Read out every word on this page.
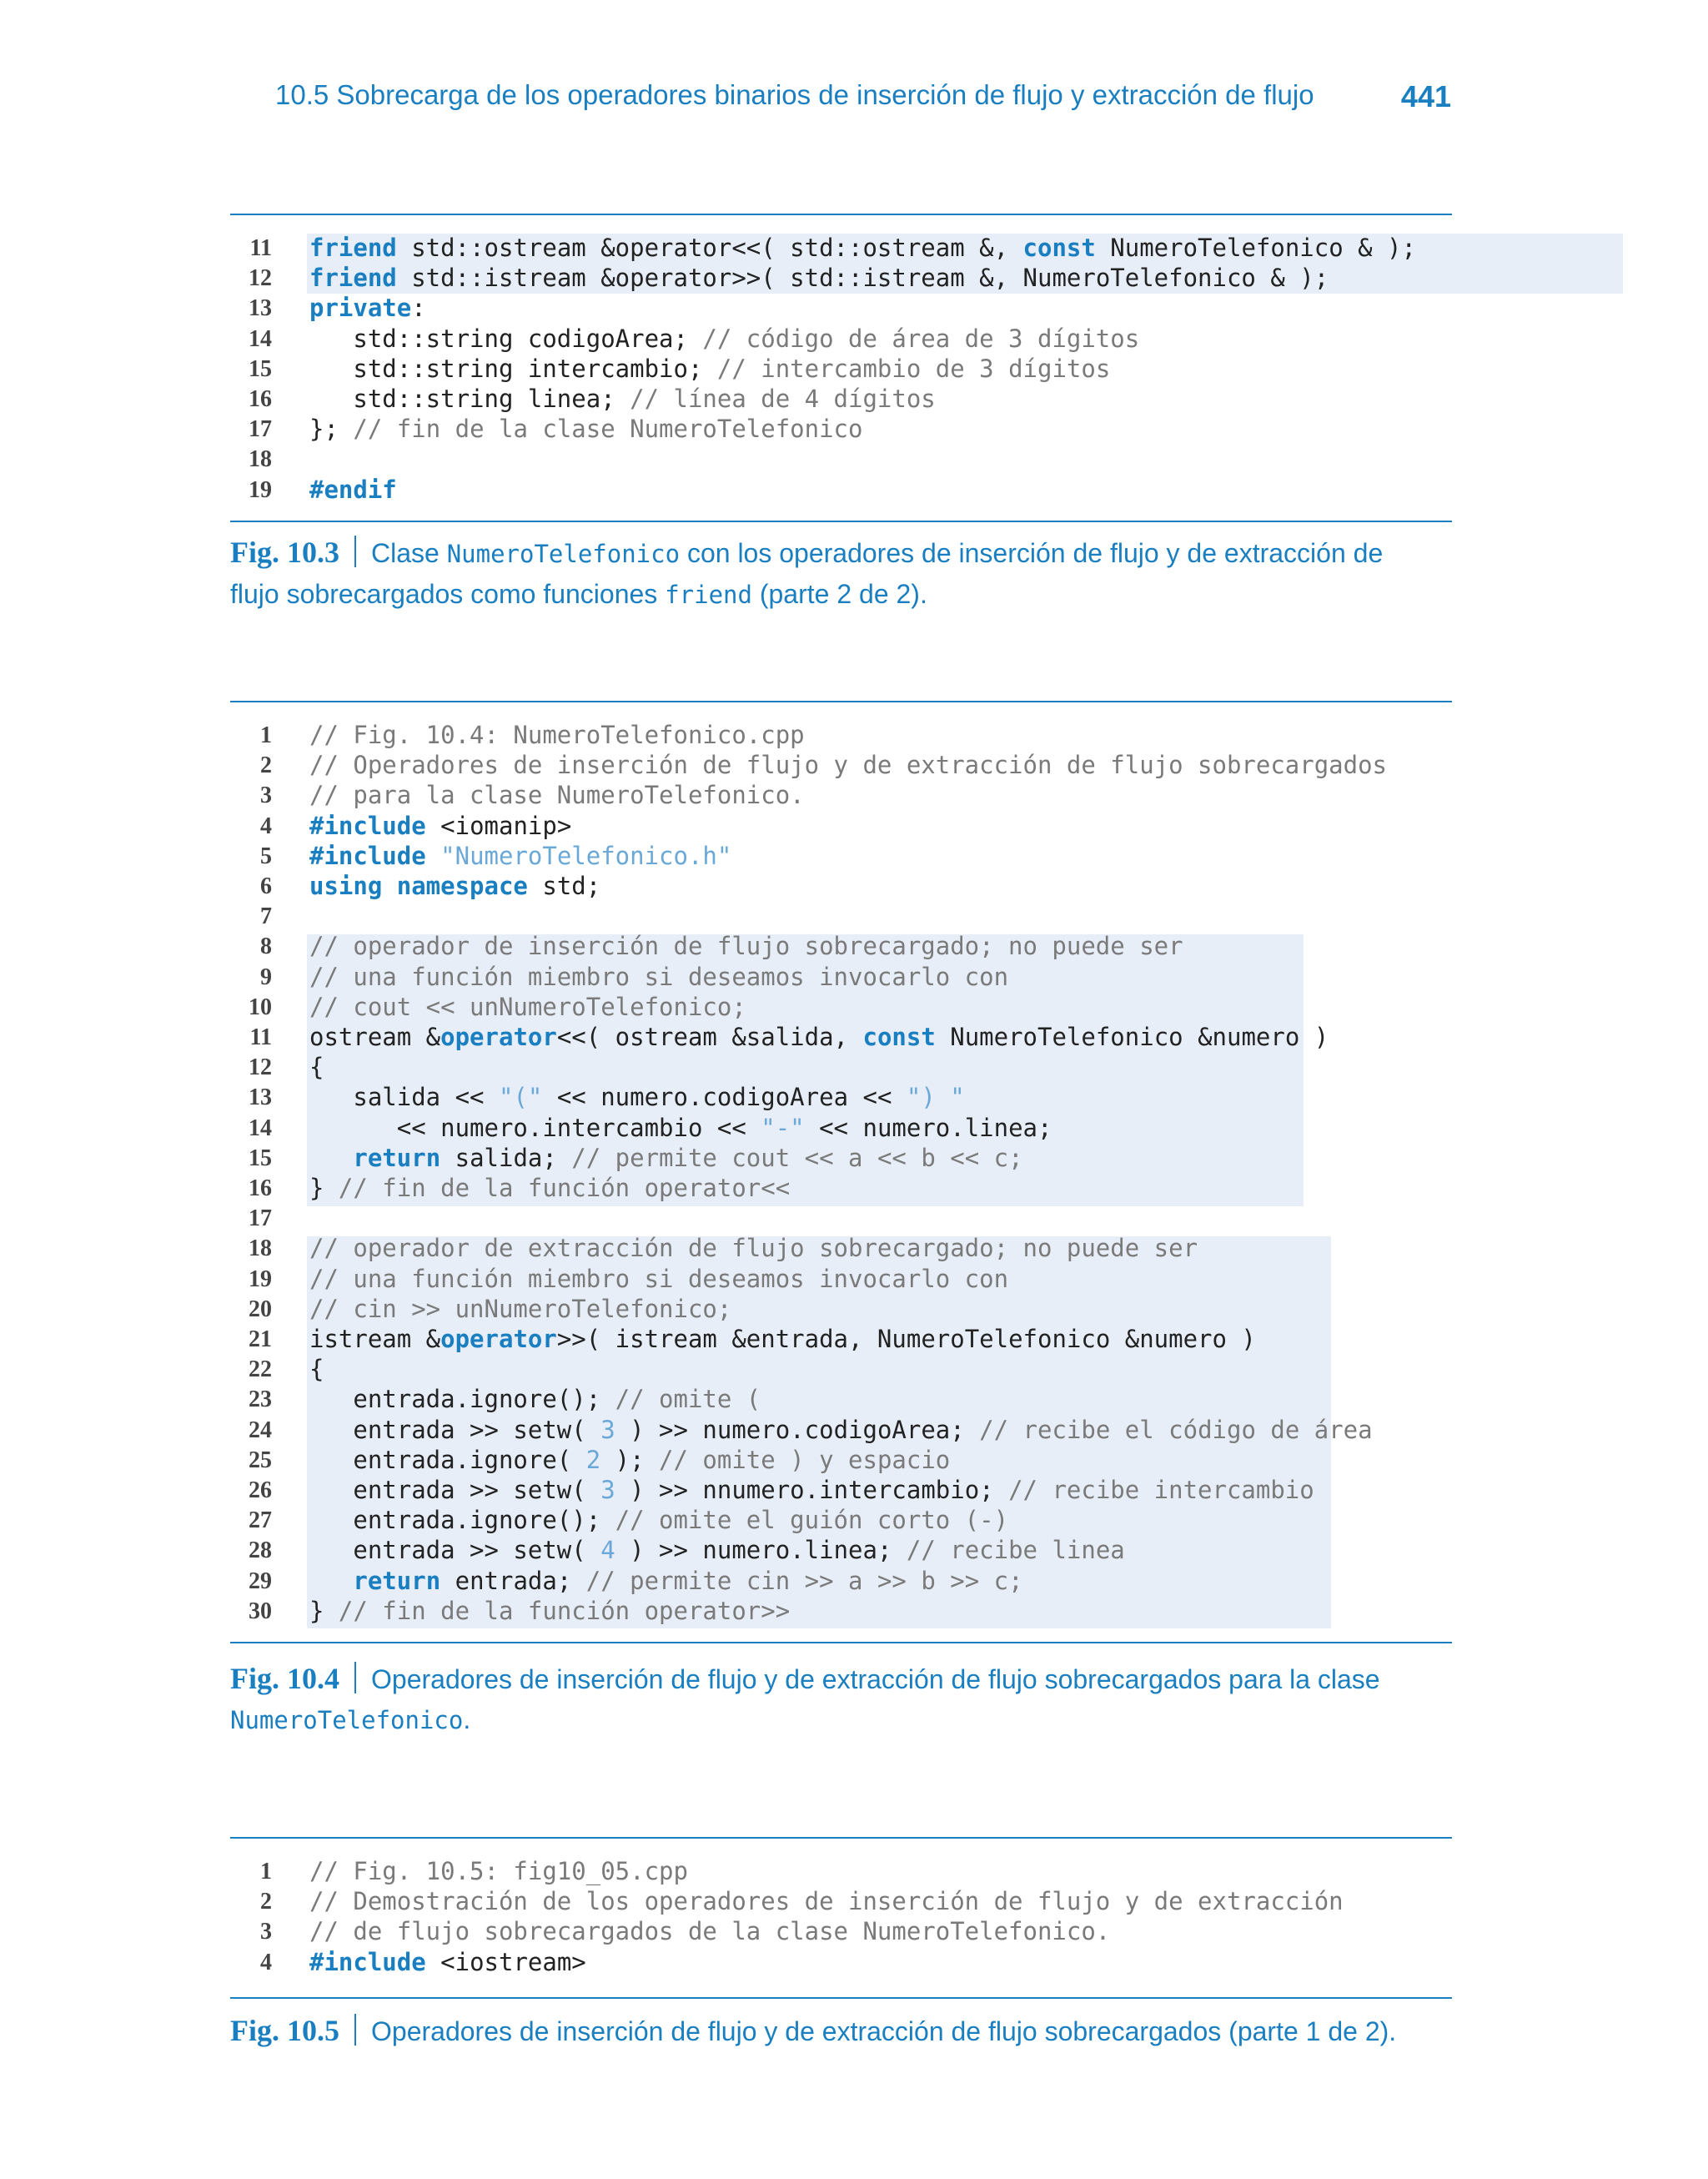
10.5 Sobrecarga de los operadores binarios de inserción de flujo y extracción de flujo	441
11 friend std::ostream &operator<<( std::ostream &, const NumeroTelefonico & );
12 friend std::istream &operator>>( std::istream &, NumeroTelefonico & );
13 private:
14 std::string codigoArea; // código de área de 3 dígitos
15 std::string intercambio; // intercambio de 3 dígitos
16 std::string linea; // línea de 4 dígitos
17 }; // fin de la clase NumeroTelefonico
18
19 #endif
Fig. 10.3 Clase NumeroTelefonico con los operadores de inserción de flujo y de extracción de flujo sobrecargados como funciones friend (parte 2 de 2).
1 // Fig. 10.4: NumeroTelefonico.cpp
2 // Operadores de inserción de flujo y de extracción de flujo sobrecargados
3 // para la clase NumeroTelefonico.
4 #include <iomanip>
5 #include "NumeroTelefonico.h"
6 using namespace std;
7
8 // operador de inserción de flujo sobrecargado; no puede ser
9 // una función miembro si deseamos invocarlo con
10 // cout << unNumeroTelefonico;
11 ostream &operator<<( ostream &salida, const NumeroTelefonico &numero )
12 {
13 salida << "(" << numero.codigoArea << ") "
14 << numero.intercambio << "-" << numero.linea;
15	return salida; // permite cout << a << b << c;
16 } // fin de la función operator<<
17
18 // operador de extracción de flujo sobrecargado; no puede ser
19 // una función miembro si deseamos invocarlo con
20 // cin >> unNumeroTelefonico;
21 istream &operator>>( istream &entrada, NumeroTelefonico &numero )
22 {
23 entrada.ignore(); // omite (
24 entrada >> setw( 3 ) >> numero.codigoArea; // recibe el código de área
25 entrada.ignore( 2 ); // omite ) y espacio
26 entrada >> setw( 3 ) >> nnumero.intercambio; // recibe intercambio
27 entrada.ignore(); // omite el guión corto (-)
28 entrada >> setw( 4 ) >> numero.linea; // recibe linea
29	return entrada; // permite cin >> a >> b >> c;
30 } // fin de la función operator>>
Fig. 10.4 Operadores de inserción de flujo y de extracción de flujo sobrecargados para la clase NumeroTelefonico.
1 // Fig. 10.5: fig10_05.cpp
2 // Demostración de los operadores de inserción de flujo y de extracción
3 // de flujo sobrecargados de la clase NumeroTelefonico.
4 #include <iostream>
Fig. 10.5 Operadores de inserción de flujo y de extracción de flujo sobrecargados (parte 1 de 2).
